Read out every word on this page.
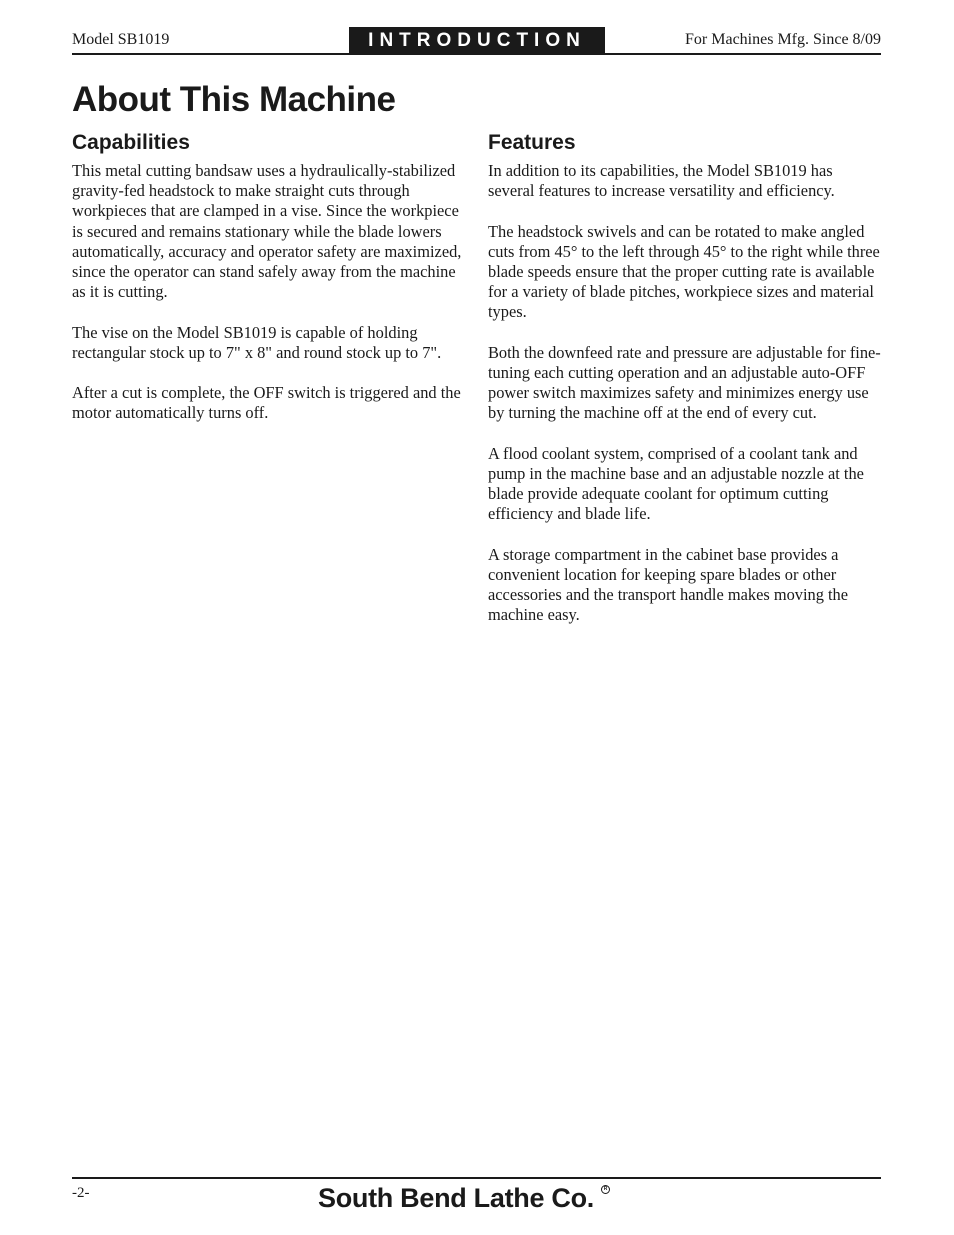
Model SB1019	INTRODUCTION	For Machines Mfg. Since 8/09
About This Machine
Capabilities

This metal cutting bandsaw uses a hydraulically-stabilized gravity-fed headstock to make straight cuts through workpieces that are clamped in a vise. Since the workpiece is secured and remains stationary while the blade lowers automatically, accuracy and operator safety are maximized, since the operator can stand safely away from the machine as it is cutting.

The vise on the Model SB1019 is capable of holding rectangular stock up to 7" x 8" and round stock up to 7".

After a cut is complete, the OFF switch is triggered and the motor automatically turns off.

Features

In addition to its capabilities, the Model SB1019 has several features to increase versatility and efficiency.

The headstock swivels and can be rotated to make angled cuts from 45° to the left through 45° to the right while three blade speeds ensure that the proper cutting rate is available for a variety of blade pitches, workpiece sizes and material types.

Both the downfeed rate and pressure are adjustable for fine-tuning each cutting operation and an adjustable auto-OFF power switch maximizes safety and minimizes energy use by turning the machine off at the end of every cut.

A flood coolant system, comprised of a coolant tank and pump in the machine base and an adjustable nozzle at the blade provide adequate coolant for optimum cutting efficiency and blade life.

A storage compartment in the cabinet base provides a convenient location for keeping spare blades or other accessories and the transport handle makes moving the machine easy.

-2-	South Bend Lathe Co.	R
